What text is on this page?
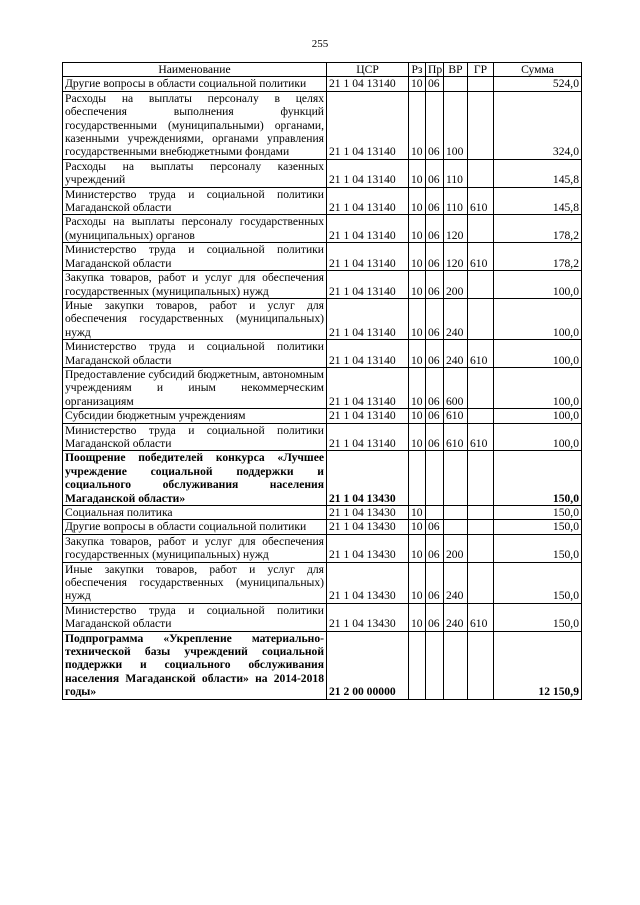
255
Наименование	ЦСР	Рз	Пр	ВР	ГР	Сумма
Другие вопросы в области социальной политики	21 1 04 13140	10	06			524,0
Расходы на выплаты персоналу в целях обеспечения выполнения функций государственными (муниципальными) органами, казенными учреждениями, органами управления государственными внебюджетными фондами	21 1 04 13140	10	06	100		324,0
Расходы на выплаты персоналу казенных учреждений	21 1 04 13140	10	06	110		145,8
Министерство труда и социальной политики Магаданской области	21 1 04 13140	10	06	110	610	145,8
Расходы на выплаты персоналу государственных (муниципальных) органов	21 1 04 13140	10	06	120		178,2
Министерство труда и социальной политики Магаданской области	21 1 04 13140	10	06	120	610	178,2
Закупка товаров, работ и услуг для обеспечения государственных (муниципальных) нужд	21 1 04 13140	10	06	200		100,0
Иные закупки товаров, работ и услуг для обеспечения государственных (муниципальных) нужд	21 1 04 13140	10	06	240		100,0
Министерство труда и социальной политики Магаданской области	21 1 04 13140	10	06	240	610	100,0
Предоставление субсидий бюджетным, автономным учреждениям и иным некоммерческим организациям	21 1 04 13140	10	06	600		100,0
Субсидии бюджетным учреждениям	21 1 04 13140	10	06	610		100,0
Министерство труда и социальной политики Магаданской области	21 1 04 13140	10	06	610	610	100,0
Поощрение победителей конкурса «Лучшее учреждение социальной поддержки и социального обслуживания населения Магаданской области»	21 1 04 13430					150,0
Социальная политика	21 1 04 13430	10				150,0
Другие вопросы в области социальной политики	21 1 04 13430	10	06			150,0
Закупка товаров, работ и услуг для обеспечения государственных (муниципальных) нужд	21 1 04 13430	10	06	200		150,0
Иные закупки товаров, работ и услуг для обеспечения государственных (муниципальных) нужд	21 1 04 13430	10	06	240		150,0
Министерство труда и социальной политики Магаданской области	21 1 04 13430	10	06	240	610	150,0
Подпрограмма «Укрепление материально-технической базы учреждений социальной поддержки и социального обслуживания населения Магаданской области» на 2014-2018 годы»	21 2 00 00000					12 150,9
